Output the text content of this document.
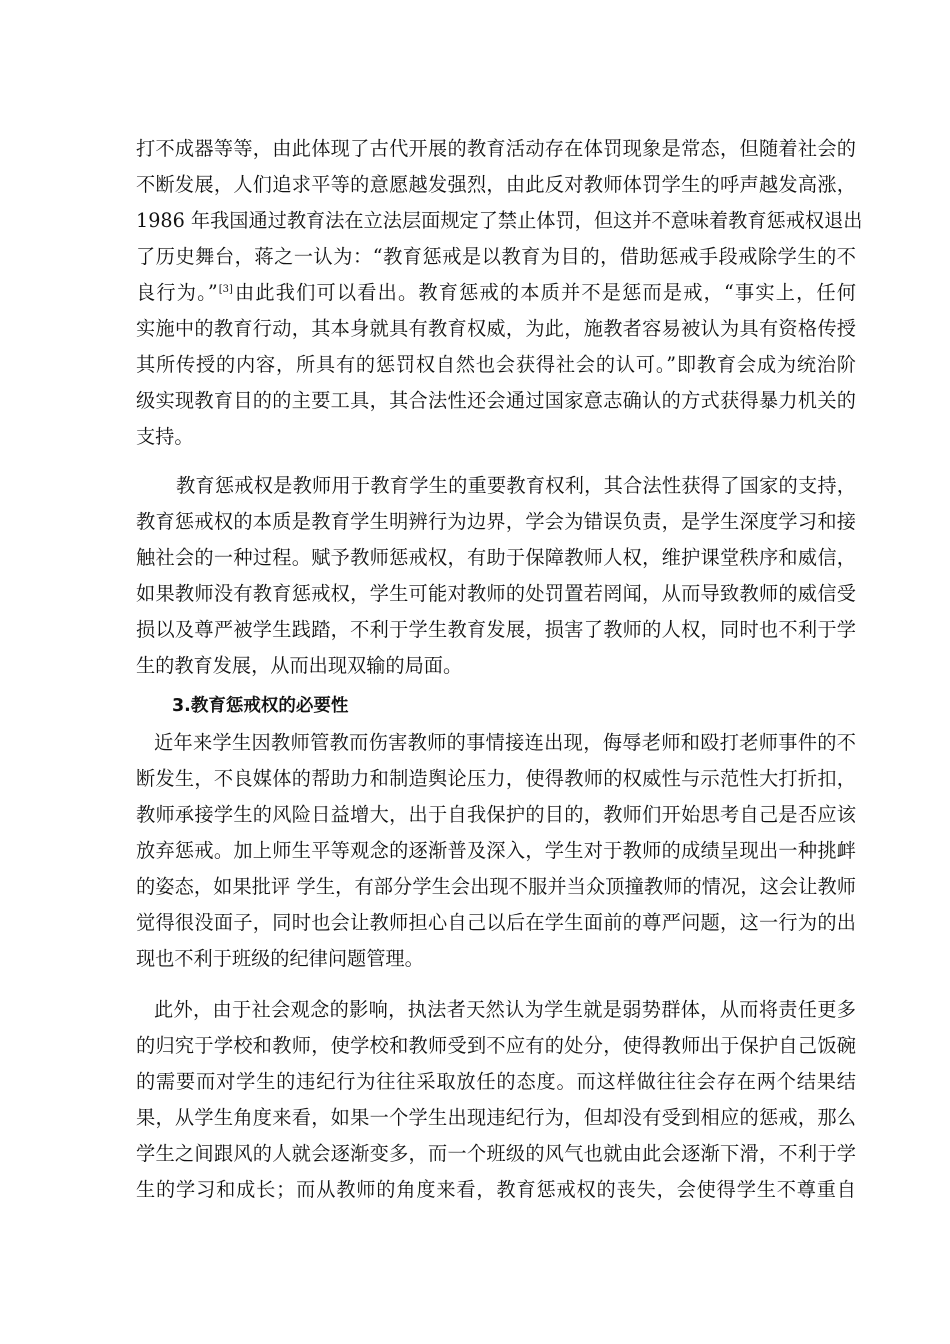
打不成器等等，由此体现了古代开展的教育活动存在体罚现象是常态，但随着社会的
不断发展，人们追求平等的意愿越发强烈，由此反对教师体罚学生的呼声越发高涨，
1986 年我国通过教育法在立法层面规定了禁止体罚，但这并不意味着教育惩戒权退出
了历史舞台，蒋之一认为：“教育惩戒是以教育为目的，借助惩戒手段戒除学生的不
良行为。”[3]由此我们可以看出。教育惩戒的本质并不是惩而是戒，“事实上，任何
实施中的教育行动，其本身就具有教育权威，为此，施教者容易被认为具有资格传授
其所传授的内容，所具有的惩罚权自然也会获得社会的认可。”即教育会成为统治阶
级实现教育目的的主要工具，其合法性还会通过国家意志确认的方式获得暴力机关的
支持。
教育惩戒权是教师用于教育学生的重要教育权利，其合法性获得了国家的支持，
教育惩戒权的本质是教育学生明辨行为边界，学会为错误负责，是学生深度学习和接
触社会的一种过程。赋予教师惩戒权，有助于保障教师人权，维护课堂秩序和威信，
如果教师没有教育惩戒权，学生可能对教师的处罚置若罔闻，从而导致教师的威信受
损以及尊严被学生践踏，不利于学生教育发展，损害了教师的人权，同时也不利于学
生的教育发展，从而出现双输的局面。
3.教育惩戒权的必要性
近年来学生因教师管教而伤害教师的事情接连出现，侮辱老师和殴打老师事件的不
断发生，不良媒体的帮助力和制造舆论压力，使得教师的权威性与示范性大打折扣，
教师承接学生的风险日益增大，出于自我保护的目的，教师们开始思考自己是否应该
放弃惩戒。加上师生平等观念的逐渐普及深入，学生对于教师的成绩呈现出一种挑衅
的姿态，如果批评 学生，有部分学生会出现不服并当众顶撞教师的情况，这会让教师
觉得很没面子，同时也会让教师担心自己以后在学生面前的尊严问题，这一行为的出
现也不利于班级的纪律问题管理。
此外，由于社会观念的影响，执法者天然认为学生就是弱势群体，从而将责任更多
的归究于学校和教师，使学校和教师受到不应有的处分，使得教师出于保护自己饭碗
的需要而对学生的违纪行为往往采取放任的态度。而这样做往往会存在两个结果结
果，从学生角度来看，如果一个学生出现违纪行为，但却没有受到相应的惩戒，那么
学生之间跟风的人就会逐渐变多，而一个班级的风气也就由此会逐渐下滑，不利于学
生的学习和成长；而从教师的角度来看，教育惩戒权的丧失，会使得学生不尊重自
